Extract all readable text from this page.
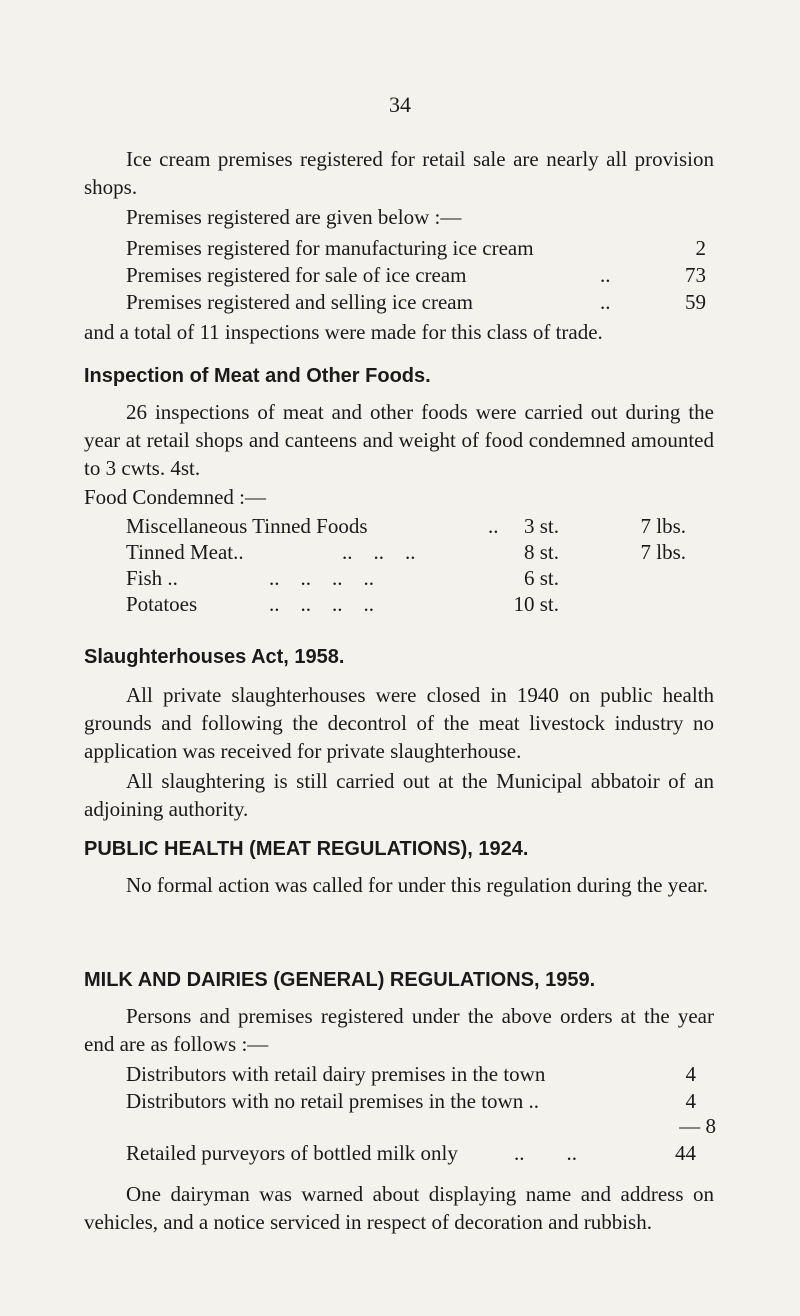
34
Ice cream premises registered for retail sale are nearly all provision shops.
Premises registered are given below :—
Premises registered for manufacturing ice cream	2
Premises registered for sale of ice cream	..	73
Premises registered and selling ice cream	..	59
and a total of 11 inspections were made for this class of trade.
Inspection of Meat and Other Foods.
26 inspections of meat and other foods were carried out during the year at retail shops and canteens and weight of food condemned amounted to 3 cwts. 4st.
Food Condemned :—
Miscellaneous Tinned Foods	.. 3 st.	7 lbs.
Tinned Meat..	..    ..    ..	8 st.	7 lbs.
Fish ..	..    ..    ..    ..	6 st.
Potatoes	..    ..    ..    ..	10 st.
Slaughterhouses Act, 1958.
All private slaughterhouses were closed in 1940 on public health grounds and following the decontrol of the meat livestock industry no application was received for private slaughterhouse.
All slaughtering is still carried out at the Municipal abbatoir of an adjoining authority.
PUBLIC HEALTH (MEAT REGULATIONS), 1924.
No formal action was called for under this regulation during the year.
MILK AND DAIRIES (GENERAL) REGULATIONS, 1959.
Persons and premises registered under the above orders at the year end are as follows :—
Distributors with retail dairy premises in the town	4
Distributors with no retail premises in the town ..	4
— 8
Retailed purveyors of bottled milk only	..        ..	44
One dairyman was warned about displaying name and address on vehicles, and a notice serviced in respect of decoration and rubbish.
